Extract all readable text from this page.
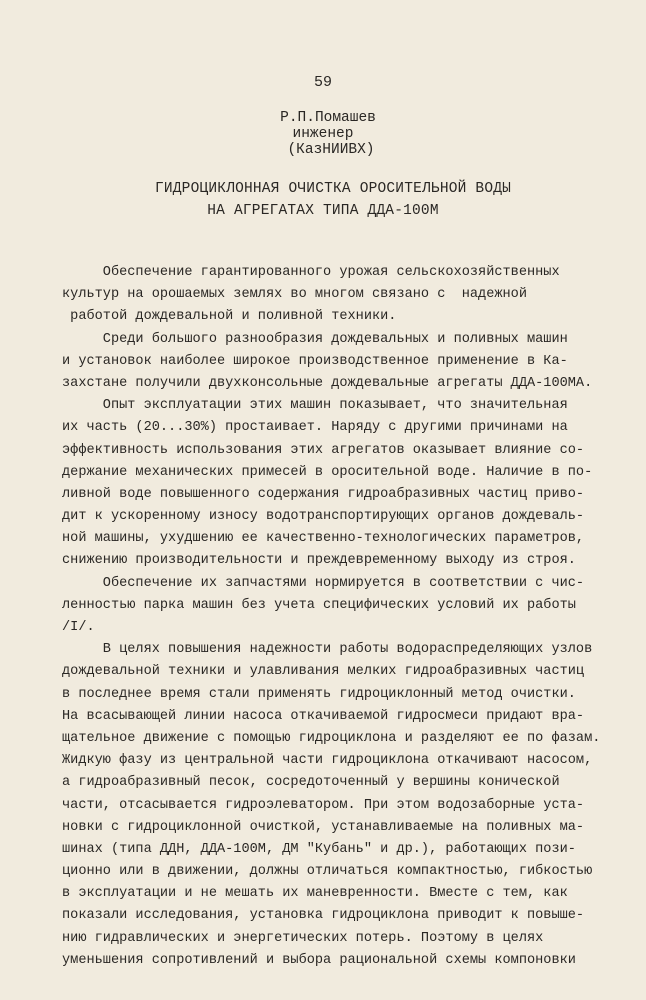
59
Р.П.Помашев
инженер
(КазНИИВХ)
ГИДРОЦИКЛОННАЯ ОЧИСТКА ОРОСИТЕЛЬНОЙ ВОДЫ
НА АГРЕГАТАХ ТИПА ДДА-100М
Обеспечение гарантированного урожая сельскохозяйственных
культур на орошаемых землях во многом связано с  надежной
работой дождевальной и поливной техники.
Среди большого разнообразия дождевальных и поливных машин
и установок наиболее широкое производственное применение в Ка-
захстане получили двухконсольные дождевальные агрегаты ДДА-100МА.
Опыт эксплуатации этих машин показывает, что значительная
их часть (20...30%) простаивает. Наряду с другими причинами на
эффективность использования этих агрегатов оказывает влияние со-
держание механических примесей в оросительной воде. Наличие в по-
ливной воде повышенного содержания гидроабразивных частиц приво-
дит к ускоренному износу водотранспортирующих органов дождеваль-
ной машины, ухудшению ее качественно-технологических параметров,
снижению производительности и преждевременному выходу из строя.
Обеспечение их запчастями нормируется в соответствии с чис-
ленностью парка машин без учета специфических условий их работы
/I/.
В целях повышения надежности работы водораспределяющих узлов
дождевальной техники и улавливания мелких гидроабразивных частиц
в последнее время стали применять гидроциклонный метод очистки.
На всасывающей линии насоса откачиваемой гидросмеси придают вра-
щательное движение с помощью гидроциклона и разделяют ее по фазам.
Жидкую фазу из центральной части гидроциклона откачивают насосом,
а гидроабразивный песок, сосредоточенный у вершины конической
части, отсасывается гидроэлеватором. При этом водозаборные уста-
новки с гидроциклонной очисткой, устанавливаемые на поливных ма-
шинах (типа ДДН, ДДА-100М, ДМ "Кубань" и др.), работающих пози-
ционно или в движении, должны отличаться компактностью, гибкостью
в эксплуатации и не мешать их маневренности. Вместе с тем, как
показали исследования, установка гидроциклона приводит к повыше-
нию гидравлических и энергетических потерь. Поэтому в целях
уменьшения сопротивлений и выбора рациональной схемы компоновки
